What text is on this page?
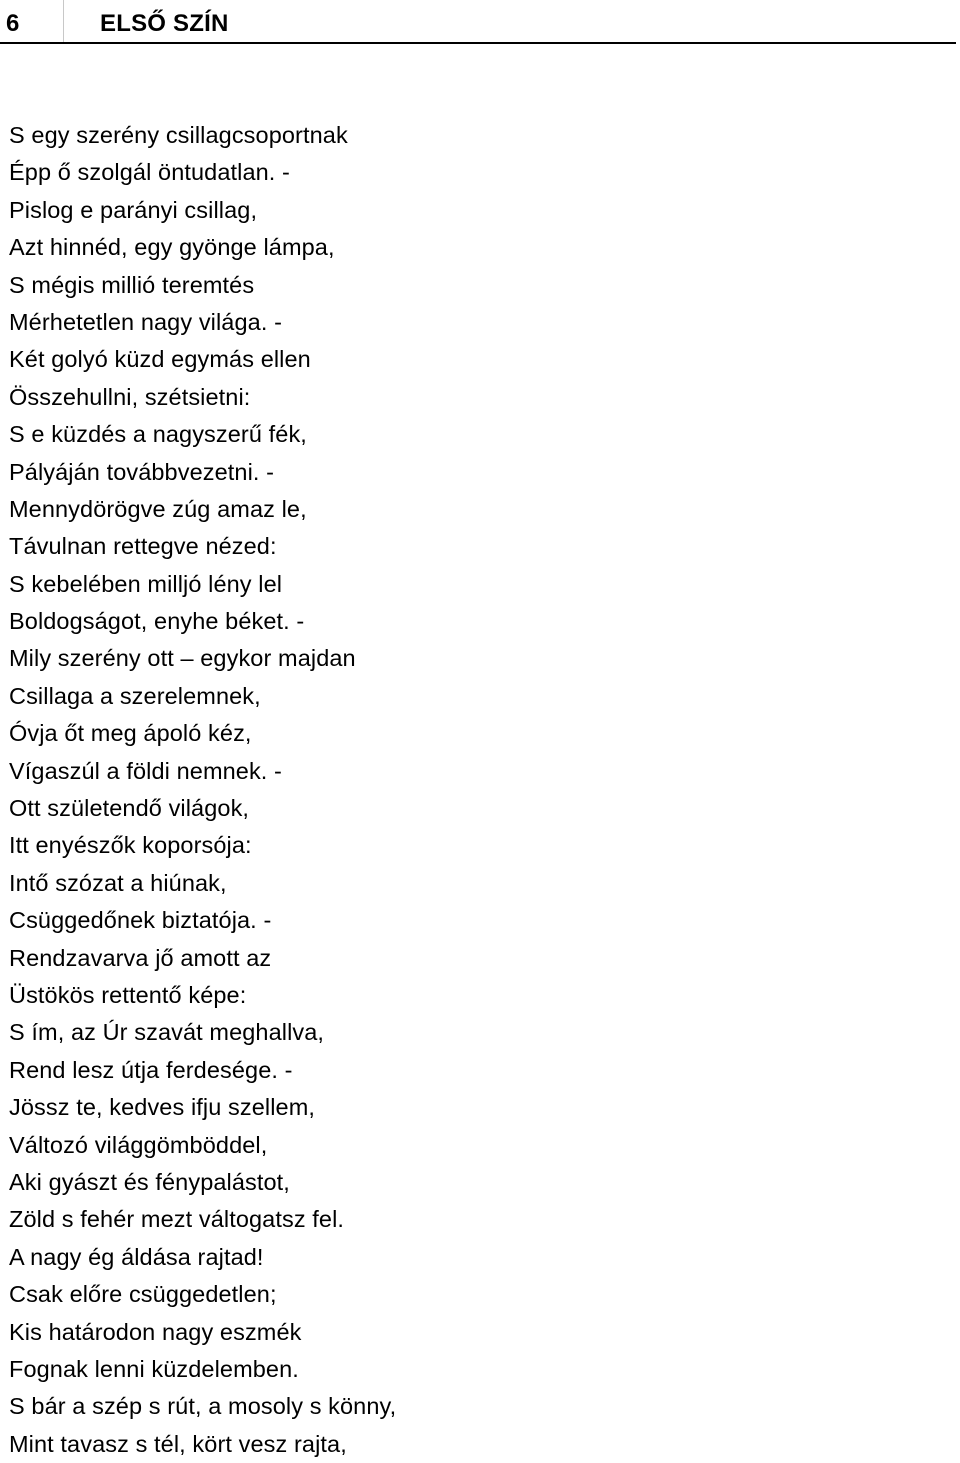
6	ELSŐ SZÍN
S egy szerény csillagcsoportnak
Épp ő szolgál öntudatlan. -
Pislog e parányi csillag,
Azt hinnéd, egy gyönge lámpa,
S mégis millió teremtés
Mérhetetlen nagy világa. -
Két golyó küzd egymás ellen
Összehullni, szétsietni:
S e küzdés a nagyszerű fék,
Pályáján továbbvezetni. -
Mennydörögve zúg amaz le,
Távulnan rettegve nézed:
S kebelében milljó lény lel
Boldogságot, enyhe béket. -
Mily szerény ott – egykor majdan
Csillaga a szerelemnek,
Óvja őt meg ápoló kéz,
Vígaszúl a földi nemnek. -
Ott születendő világok,
Itt enyészők koporsója:
Intő szózat a hiúnak,
Csüggedőnek biztatója. -
Rendzavarva jő amott az
Üstökös rettentő képe:
S ím, az Úr szavát meghallva,
Rend lesz útja ferdesége. -
Jössz te, kedves ifju szellem,
Változó világgömböddel,
Aki gyászt és fénypalástot,
Zöld s fehér mezt váltogatsz fel.
A nagy ég áldása rajtad!
Csak előre csüggedetlen;
Kis határodon nagy eszmék
Fognak lenni küzdelemben.
S bár a szép s rút, a mosoly s könny,
Mint tavasz s tél, kört vesz rajta,
